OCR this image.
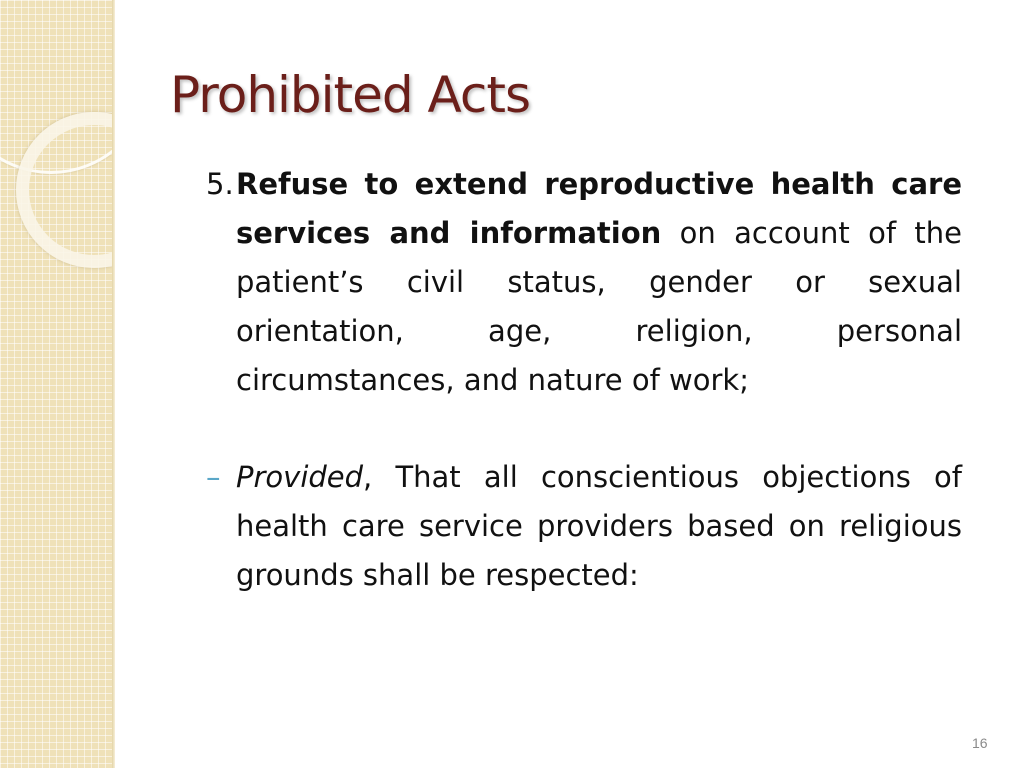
Prohibited Acts

5.Refuse to extend reproductive health care services and information on account of the patient’s civil status, gender or sexual orientation, age, religion, personal circumstances, and nature of work;

– Provided, That all conscientious objections of health care service providers based on religious grounds shall be respected:

16
